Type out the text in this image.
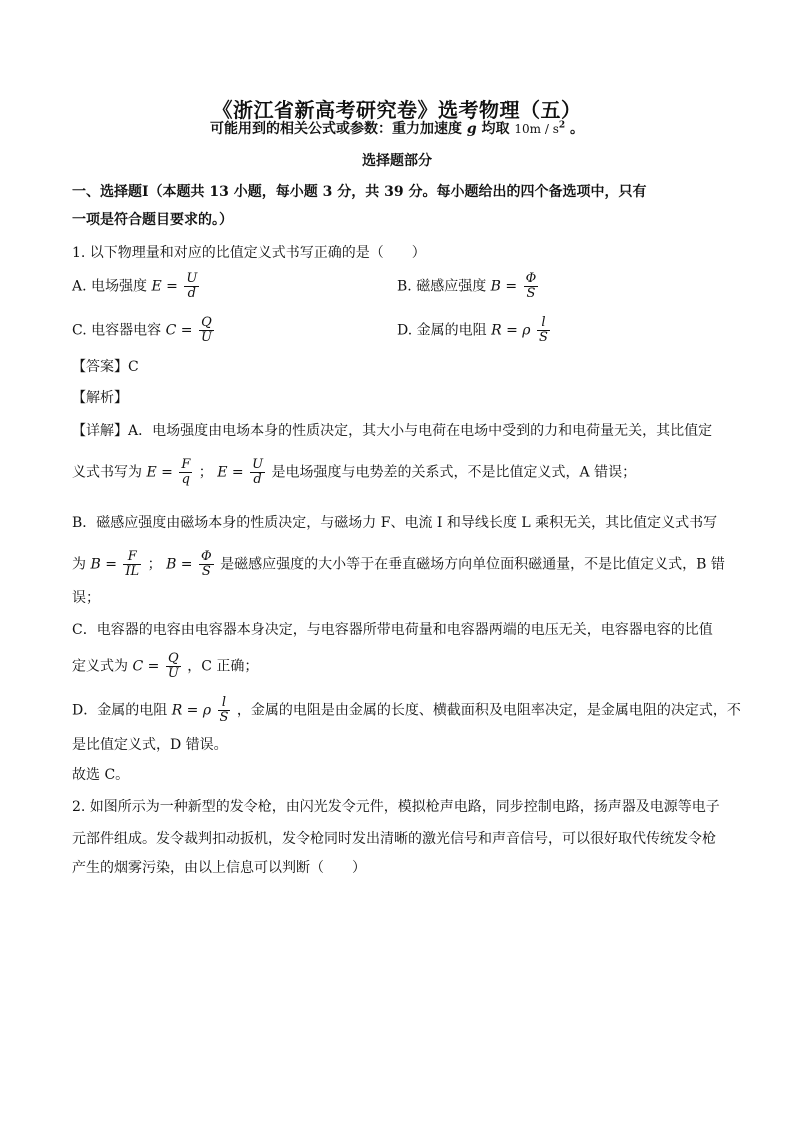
《浙江省新高考研究卷》选考物理（五）
可能用到的相关公式或参数：重力加速度 g 均取 $10m / s^2$ 。
选择题部分
一、选择题Ⅰ（本题共 13 小题，每小题 3 分，共 39 分。每小题给出的四个备选项中，只有
一项是符合题目要求的。）
1. 以下物理量和对应的比值定义式书写正确的是（　　）
A. 电场强度 $E = \frac{U}{d}$	B. 磁感应强度 $B = \frac{\Phi}{S}$
C. 电容器电容 $C = \frac{Q}{U}$	D. 金属的电阻 R = ρ $\frac{l}{S}$
【答案】C
【解析】
【详解】A．电场强度由电场本身的性质决定，其大小与电荷在电场中受到的力和电荷量无关，其比值定
义式书写为 $E = \frac{F}{q}$ ； $E = \frac{U}{d}$ 是电场强度与电势差的关系式，不是比值定义式，A 错误；
B．磁感应强度由磁场本身的性质决定，与磁场力 F、电流 I 和导线长度 L 乘积无关，其比值定义式书写
为 $B = \frac{F}{IL}$ ； $B = \frac{\Phi}{S}$ 是磁感应强度的大小等于在垂直磁场方向单位面积磁通量，不是比值定义式，B 错
误；
C．电容器的电容由电容器本身决定，与电容器所带电荷量和电容器两端的电压无关，电容器电容的比值
定义式为 $C = \frac{Q}{U}$ ，C 正确；
D．金属的电阻 R = ρ $\frac{l}{S}$ ，金属的电阻是由金属的长度、横截面积及电阻率决定，是金属电阻的决定式，不
是比值定义式，D 错误。
故选 C。
2. 如图所示为一种新型的发令枪，由闪光发令元件，模拟枪声电路，同步控制电路，扬声器及电源等电子
元部件组成。发令裁判扣动扳机，发令枪同时发出清晰的激光信号和声音信号，可以很好取代传统发令枪
产生的烟雾污染，由以上信息可以判断（　　）
